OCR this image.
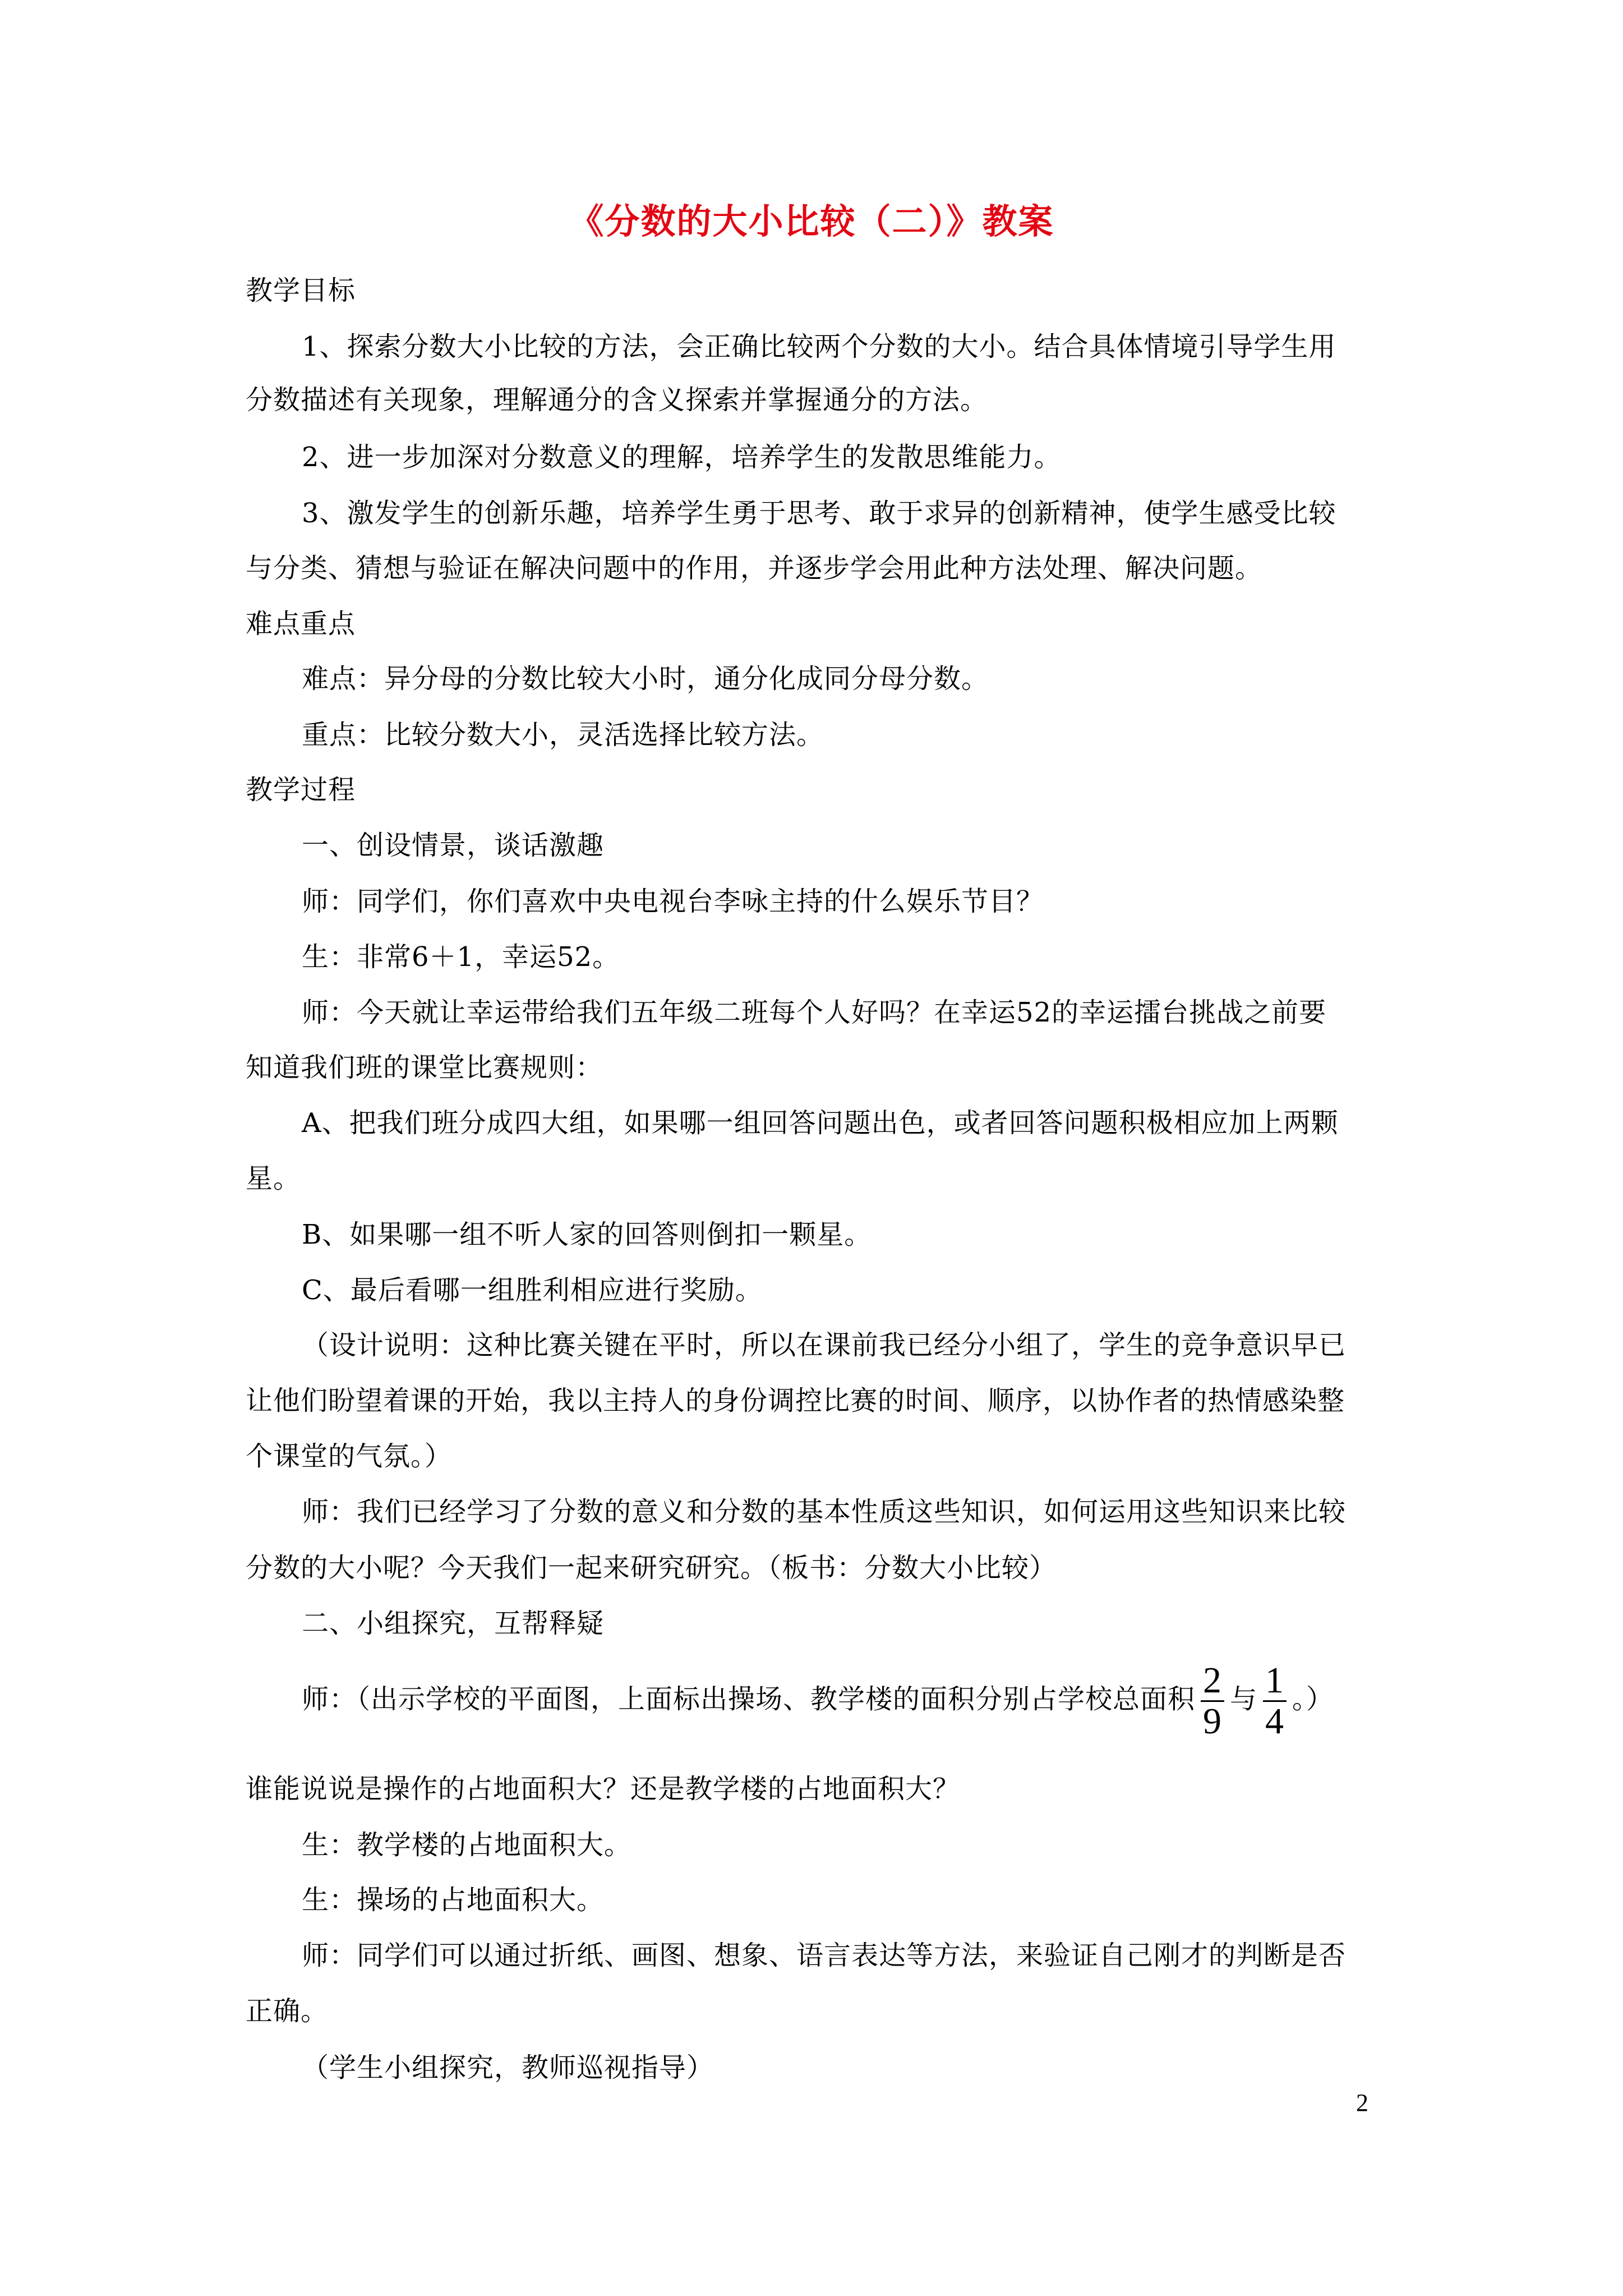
《分数的大小比较（二）》教案
教学目标
1、探索分数大小比较的方法，会正确比较两个分数的大小。结合具体情境引导学生用
分数描述有关现象，理解通分的含义探索并掌握通分的方法。
2、进一步加深对分数意义的理解，培养学生的发散思维能力。
3、激发学生的创新乐趣，培养学生勇于思考、敢于求异的创新精神，使学生感受比较
与分类、猜想与验证在解决问题中的作用，并逐步学会用此种方法处理、解决问题。
难点重点
难点：异分母的分数比较大小时，通分化成同分母分数。
重点：比较分数大小，灵活选择比较方法。
教学过程
一、创设情景，谈话激趣
师：同学们，你们喜欢中央电视台李咏主持的什么娱乐节目？
生：非常6＋1，幸运52。
师：今天就让幸运带给我们五年级二班每个人好吗？在幸运52的幸运擂台挑战之前要
知道我们班的课堂比赛规则：
A、把我们班分成四大组，如果哪一组回答问题出色，或者回答问题积极相应加上两颗
星。
B、如果哪一组不听人家的回答则倒扣一颗星。
C、最后看哪一组胜利相应进行奖励。
（设计说明：这种比赛关键在平时，所以在课前我已经分小组了，学生的竞争意识早已
让他们盼望着课的开始，我以主持人的身份调控比赛的时间、顺序，以协作者的热情感染整
个课堂的气氛。）
师：我们已经学习了分数的意义和分数的基本性质这些知识，如何运用这些知识来比较
分数的大小呢？今天我们一起来研究研究。（板书：分数大小比较）
二、小组探究，互帮释疑
师：（出示学校的平面图，上面标出操场、教学楼的面积分别占学校总面积 $\frac{2}{9}$ 与 $\frac{1}{4}$ 。）
谁能说说是操作的占地面积大？还是教学楼的占地面积大？
生：教学楼的占地面积大。
生：操场的占地面积大。
师：同学们可以通过折纸、画图、想象、语言表达等方法，来验证自己刚才的判断是否
正确。
（学生小组探究，教师巡视指导）
2
